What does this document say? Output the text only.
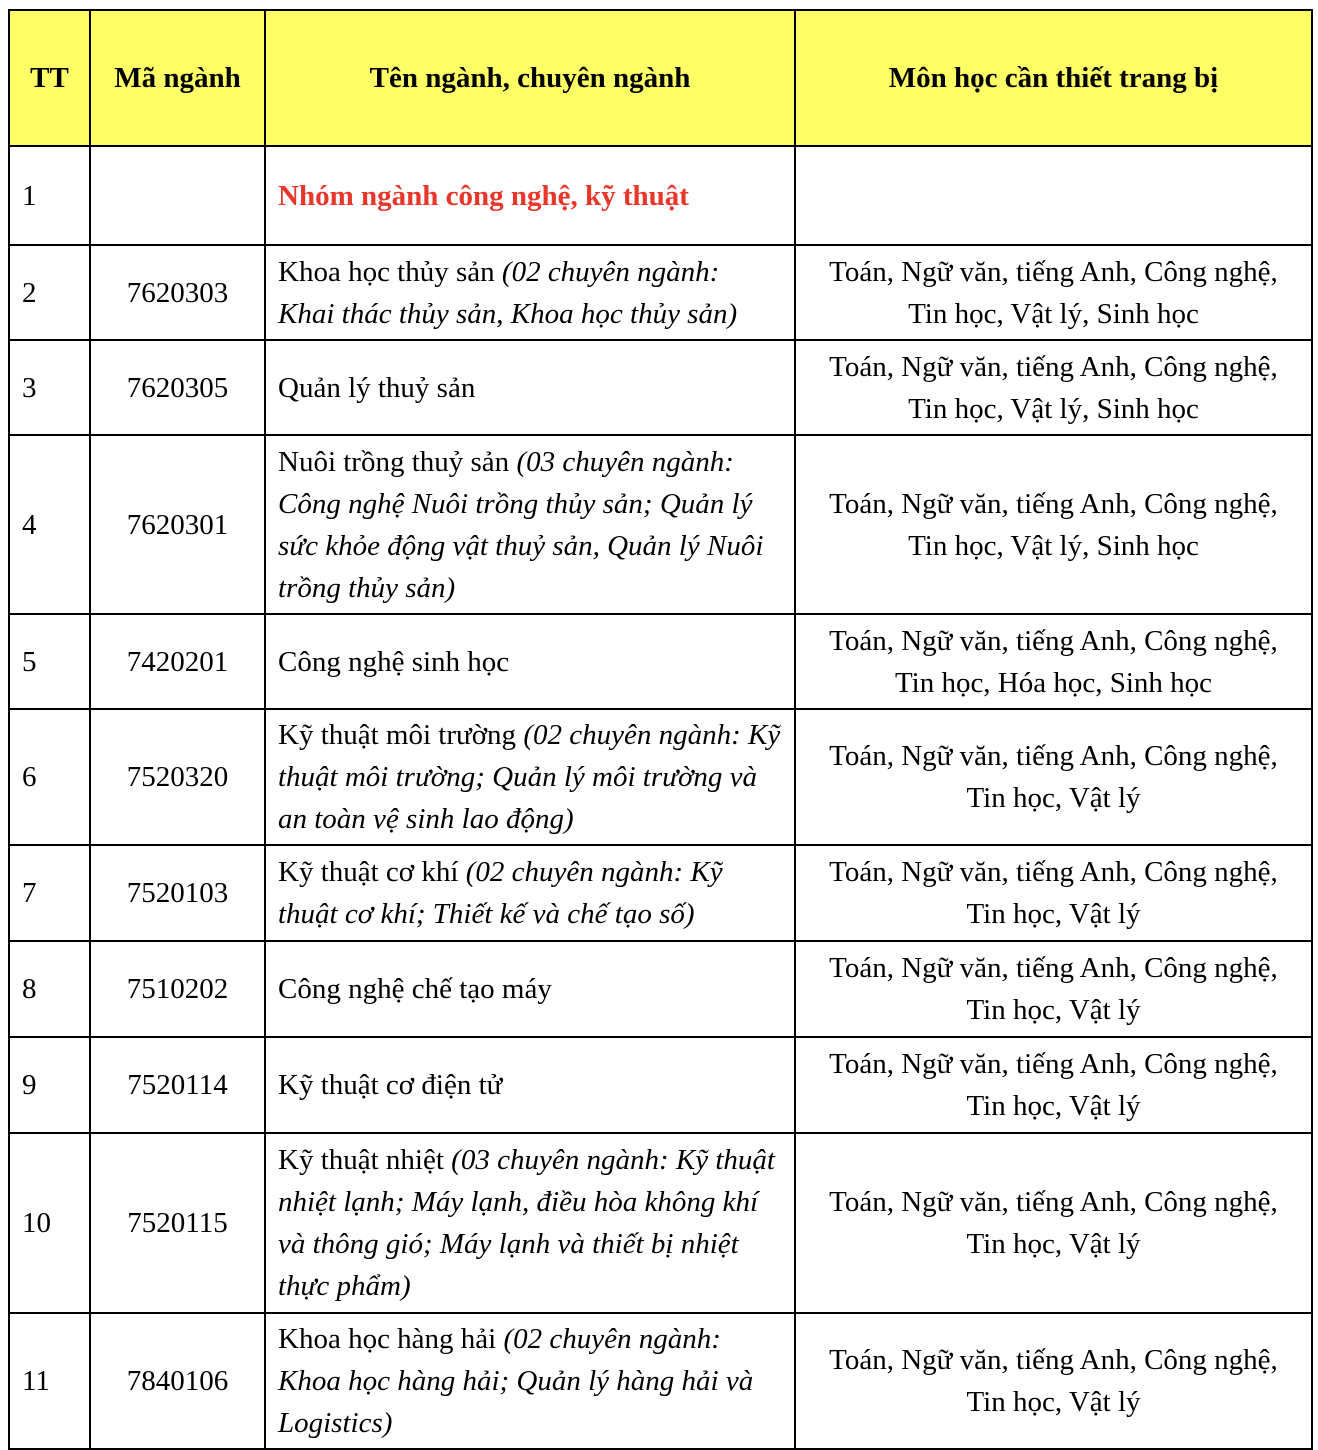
TT	Mã ngành	Tên ngành, chuyên ngành	Môn học cần thiết trang bị
1		Nhóm ngành công nghệ, kỹ thuật	
2	7620303	Khoa học thủy sản (02 chuyên ngành: Khai thác thủy sản, Khoa học thủy sản)	Toán, Ngữ văn, tiếng Anh, Công nghệ,
Tin học, Vật lý, Sinh học

3	7620305	Quản lý thuỷ sản	Toán, Ngữ văn, tiếng Anh, Công nghệ,
Tin học, Vật lý, Sinh học

4	7620301	Nuôi trồng thuỷ sản (03 chuyên ngành: Công nghệ Nuôi trồng thủy sản; Quản lý sức khỏe động vật thuỷ sản, Quản lý Nuôi trồng thủy sản)	Toán, Ngữ văn, tiếng Anh, Công nghệ,
Tin học, Vật lý, Sinh học

5	7420201	Công nghệ sinh học	Toán, Ngữ văn, tiếng Anh, Công nghệ,
Tin học, Hóa học, Sinh học

6	7520320	Kỹ thuật môi trường (02 chuyên ngành: Kỹ thuật môi trường; Quản lý môi trường và an toàn vệ sinh lao động)	Toán, Ngữ văn, tiếng Anh, Công nghệ,
Tin học, Vật lý

7	7520103	Kỹ thuật cơ khí (02 chuyên ngành: Kỹ thuật cơ khí; Thiết kế và chế tạo số)	Toán, Ngữ văn, tiếng Anh, Công nghệ,
Tin học, Vật lý

8	7510202	Công nghệ chế tạo máy	Toán, Ngữ văn, tiếng Anh, Công nghệ,
Tin học, Vật lý

9	7520114	Kỹ thuật cơ điện tử	Toán, Ngữ văn, tiếng Anh, Công nghệ,
Tin học, Vật lý

10	7520115	Kỹ thuật nhiệt (03 chuyên ngành: Kỹ thuật nhiệt lạnh; Máy lạnh, điều hòa không khí và thông gió; Máy lạnh và thiết bị nhiệt thực phẩm)	Toán, Ngữ văn, tiếng Anh, Công nghệ,
Tin học, Vật lý

11	7840106	Khoa học hàng hải (02 chuyên ngành: Khoa học hàng hải; Quản lý hàng hải và Logistics)	Toán, Ngữ văn, tiếng Anh, Công nghệ,
Tin học, Vật lý
